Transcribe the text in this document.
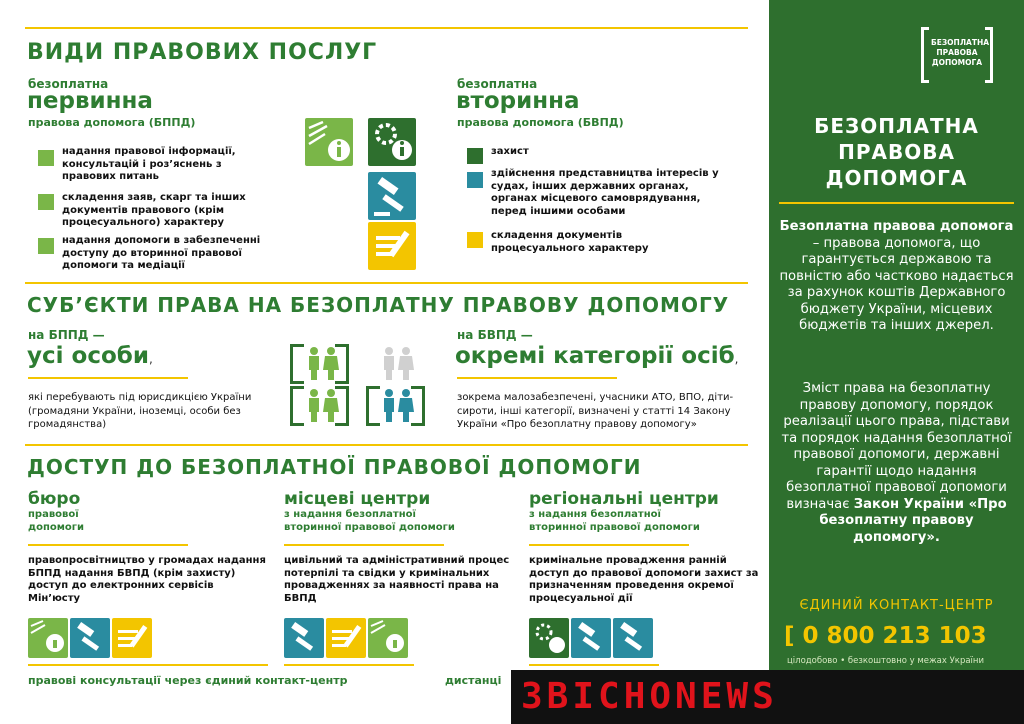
ВИДИ ПРАВОВИХ ПОСЛУГ
безоплатна
первинна
правова допомога (БППД)
надання правової інформації, консультацій і роз’яснень з правових питань
складення заяв, скарг та інших документів правового (крім процесуального) характеру
надання допомоги в забезпеченні доступу до вторинної правової допомоги та медіації
безоплатна
вторинна
правова допомога (БВПД)
захист
здійснення представництва інтересів у судах, інших державних органах, органах місцевого самоврядування, перед іншими особами
складення документів процесуального характеру
СУБ’ЄКТИ ПРАВА НА БЕЗОПЛАТНУ ПРАВОВУ ДОПОМОГУ
на БППД —
усі особи,
які перебувають під юрисдикцією України (громадяни України, іноземці, особи без громадянства)
на БВПД —
окремі категорії осіб,
зокрема малозабезпечені, учасники АТО, ВПО, діти-сироти, інші категорії, визначені у статті 14 Закону України «Про безоплатну правову допомогу»
ДОСТУП ДО БЕЗОПЛАТНОЇ ПРАВОВОЇ ДОПОМОГИ
бюро
правової допомоги
правопросвітництво у громадах надання БППД надання БВПД (крім захисту) доступ до електронних сервісів Мін’юсту
місцеві центри
з надання безоплатної вторинної правової допомоги
цивільний та адміністративний процес потерпілі та свідки у кримінальних провадженнях за наявності права на БВПД
регіональні центри
з надання безоплатної вторинної правової допомоги
кримінальне провадження ранній доступ до правової допомоги захист за призначенням проведення окремої процесуальної дії
правові консультації через єдиний контакт-центр	дистанці
БЕЗОПЛАТНА
ПРАВОВА
ДОПОМОГА
БЕЗОПЛАТНА
ПРАВОВА
ДОПОМОГА
Безоплатна правова допомога – правова допомога, що гарантується державою та повністю або частково надається за рахунок коштів Державного бюджету України, місцевих бюджетів та інших джерел.
Зміст права на безоплатну правову допомогу, порядок реалізації цього права, підстави та порядок надання безоплатної правової допомоги, державні гарантії щодо надання безоплатної правової допомоги визначає Закон України «Про безоплатну правову допомогу».
ЄДИНИЙ КОНТАКТ-ЦЕНТР
[ 0 800 213 103
цілодобово • безкоштовно у межах України
ЗВІСНОNEWS
